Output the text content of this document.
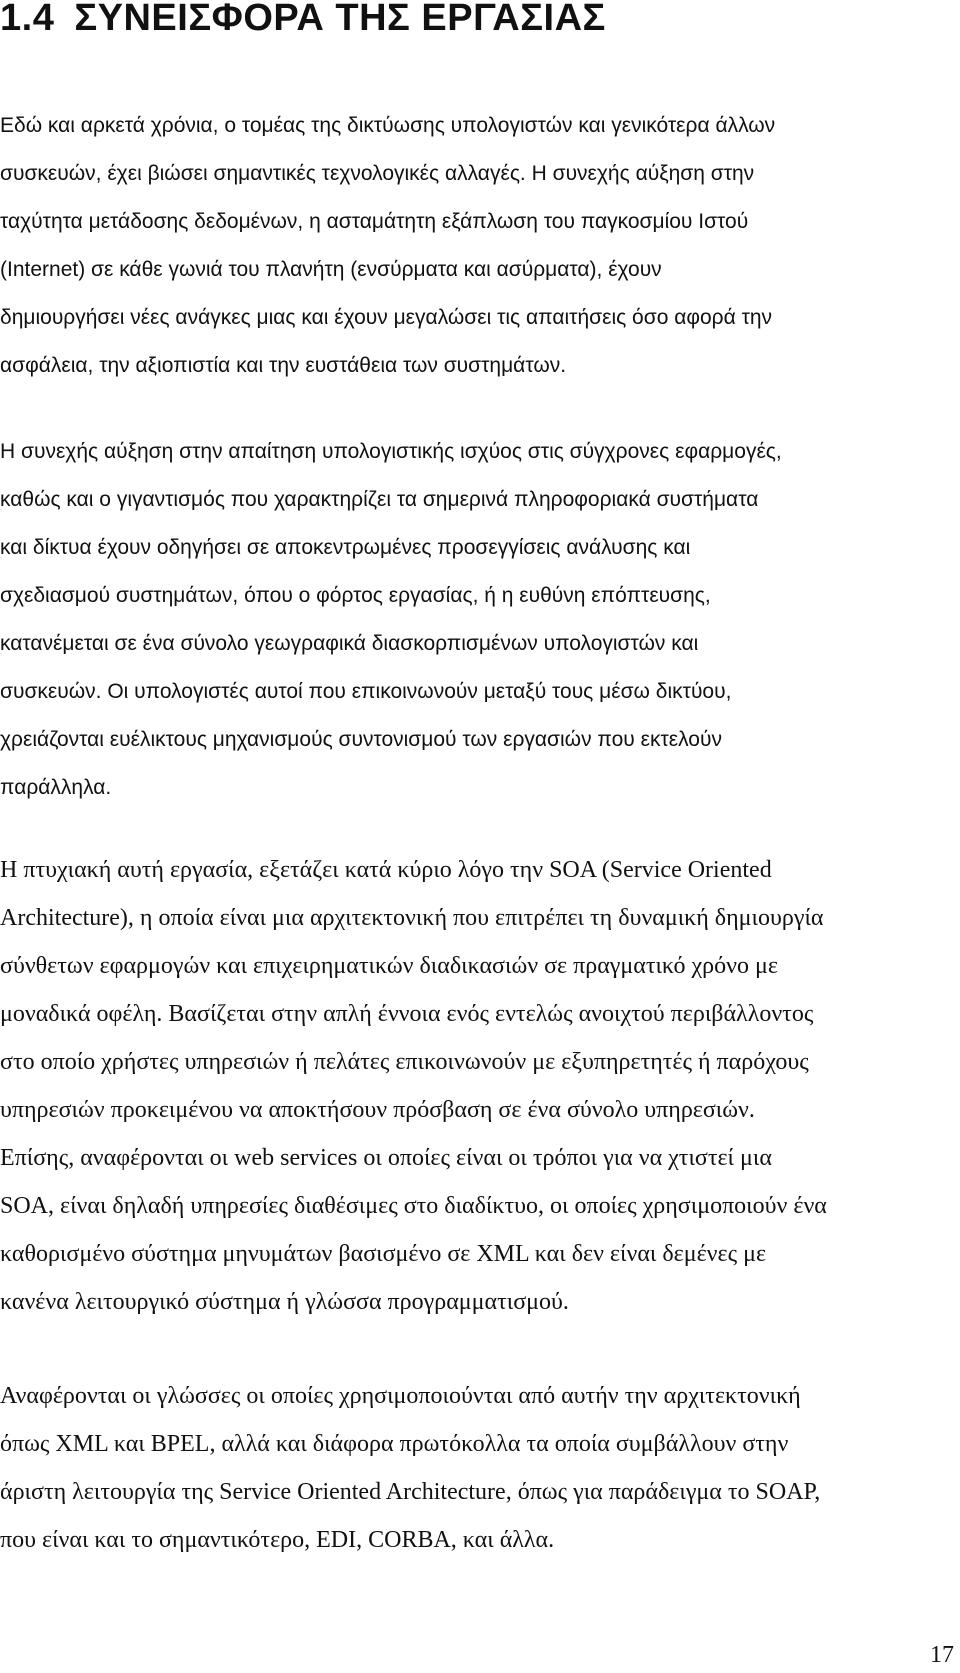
1.4 ΣΥΝΕΙΣΦΟΡΑ ΤΗΣ ΕΡΓΑΣΙΑΣ
Εδώ και αρκετά χρόνια, ο τομέας της δικτύωσης υπολογιστών και γενικότερα άλλων
συσκευών, έχει βιώσει σημαντικές τεχνολογικές αλλαγές. Η συνεχής αύξηση στην
ταχύτητα μετάδοσης δεδομένων, η ασταμάτητη εξάπλωση του παγκοσμίου Ιστού
(Internet) σε κάθε γωνιά του πλανήτη (ενσύρματα και ασύρματα), έχουν
δημιουργήσει νέες ανάγκες μιας και έχουν μεγαλώσει τις απαιτήσεις όσο αφορά την
ασφάλεια, την αξιοπιστία και την ευστάθεια των συστημάτων.
Η συνεχής αύξηση στην απαίτηση υπολογιστικής ισχύος στις σύγχρονες εφαρμογές,
καθώς και ο γιγαντισμός που χαρακτηρίζει τα σημερινά πληροφοριακά συστήματα
και δίκτυα έχουν οδηγήσει σε αποκεντρωμένες προσεγγίσεις ανάλυσης και
σχεδιασμού συστημάτων, όπου ο φόρτος εργασίας, ή η ευθύνη επόπτευσης,
κατανέμεται σε ένα σύνολο γεωγραφικά διασκορπισμένων υπολογιστών και
συσκευών. Οι υπολογιστές αυτοί που επικοινωνούν μεταξύ τους μέσω δικτύου,
χρειάζονται ευέλικτους μηχανισμούς συντονισμού των εργασιών που εκτελούν
παράλληλα.
Η πτυχιακή αυτή εργασία, εξετάζει κατά κύριο λόγο την SOA (Service Oriented
Architecture), η οποία είναι μια αρχιτεκτονική που επιτρέπει τη δυναμική δημιουργία
σύνθετων εφαρμογών και επιχειρηματικών διαδικασιών σε πραγματικό χρόνο με
μοναδικά οφέλη. Βασίζεται στην απλή έννοια ενός εντελώς ανοιχτού περιβάλλοντος
στο οποίο χρήστες υπηρεσιών ή πελάτες επικοινωνούν με εξυπηρετητές ή παρόχους
υπηρεσιών προκειμένου να αποκτήσουν πρόσβαση σε ένα σύνολο υπηρεσιών.
Επίσης, αναφέρονται οι web services οι οποίες είναι οι τρόποι για να χτιστεί μια
SOA, είναι δηλαδή υπηρεσίες διαθέσιμες στο διαδίκτυο, οι οποίες χρησιμοποιούν ένα
καθορισμένο σύστημα μηνυμάτων βασισμένο σε XML και δεν είναι δεμένες με
κανένα λειτουργικό σύστημα ή γλώσσα προγραμματισμού.
Αναφέρονται οι γλώσσες οι οποίες χρησιμοποιούνται από αυτήν την αρχιτεκτονική
όπως XML και BPEL, αλλά και διάφορα πρωτόκολλα τα οποία συμβάλλουν στην
άριστη λειτουργία της Service Oriented Architecture, όπως για παράδειγμα το SOAP,
που είναι και το σημαντικότερο, EDI, CORBA, και άλλα.
17
